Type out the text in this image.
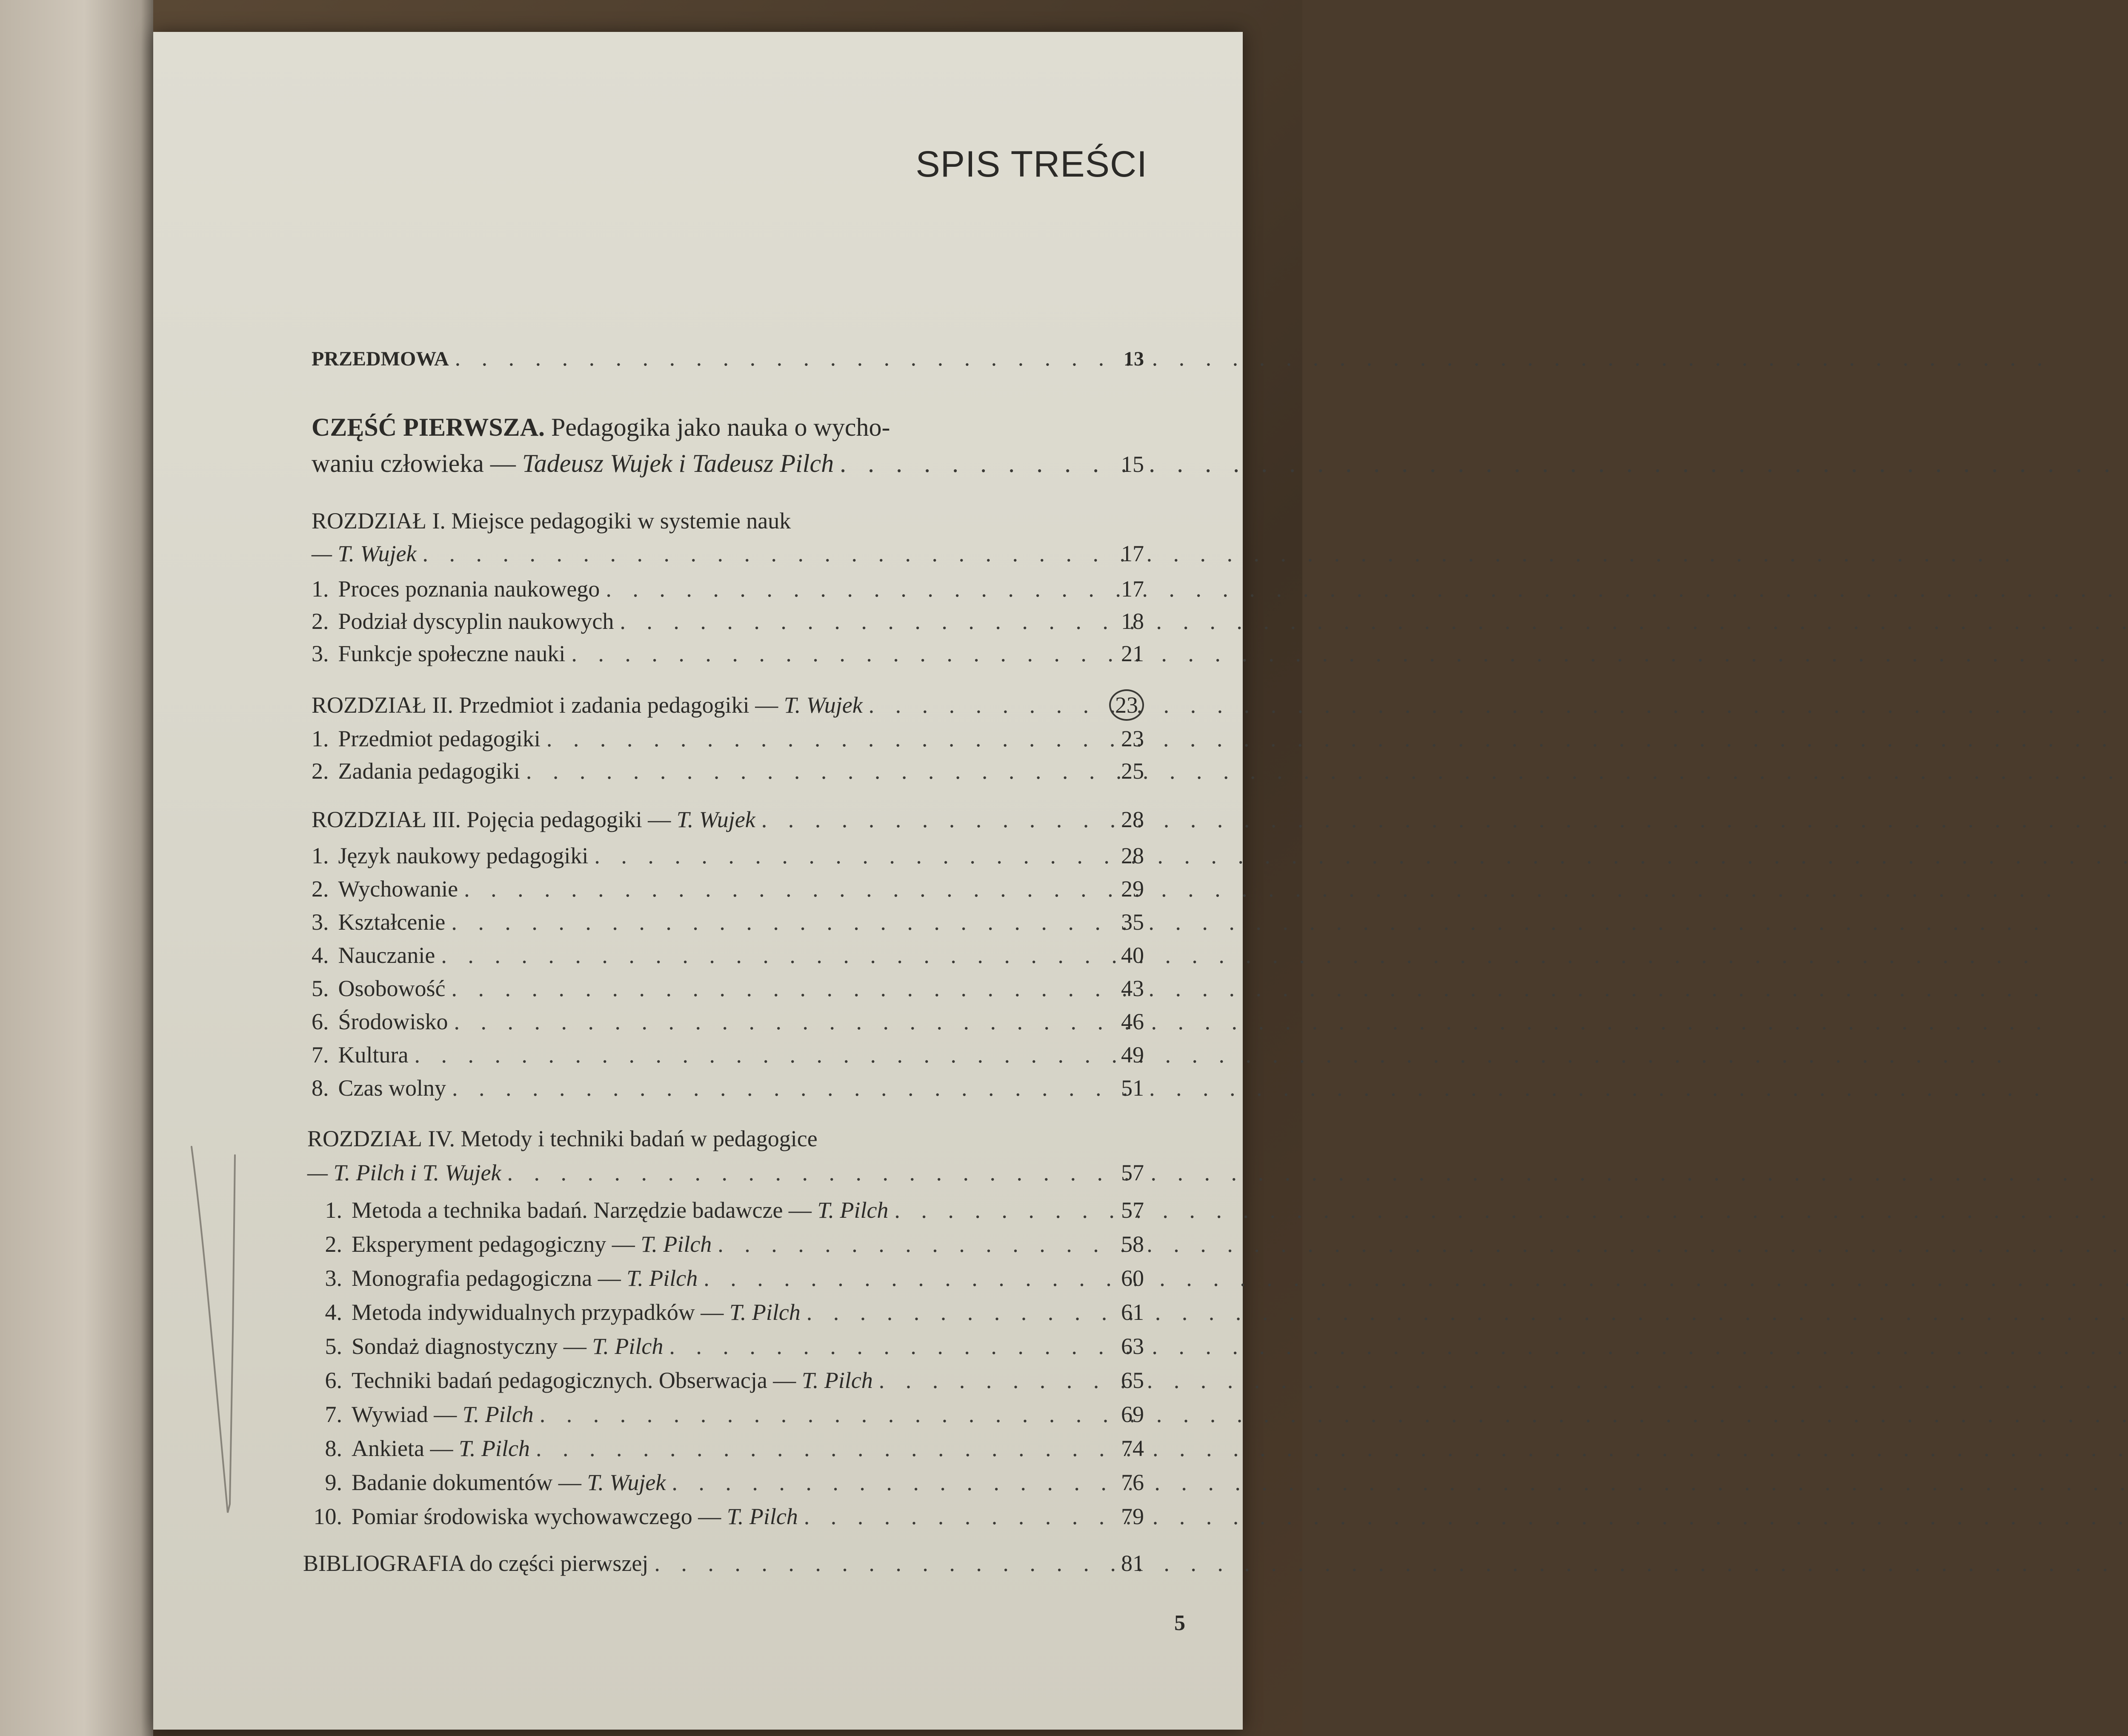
SPIS TREŚCI
PRZEDMOWA . . .	13
CZĘŚĆ PIERWSZA. Pedagogika jako nauka o wycho-
waniu człowieka — Tadeusz Wujek i Tadeusz Pilch . . .	15
ROZDZIAŁ I. Miejsce pedagogiki w systemie nauk
— T. Wujek . . .	17
1. Proces poznania naukowego . . .	17
2. Podział dyscyplin naukowych . . .	18
3. Funkcje społeczne nauki . . .	21
ROZDZIAŁ II. Przedmiot i zadania pedagogiki — T. Wujek . . .	23
1. Przedmiot pedagogiki . . .	23
2. Zadania pedagogiki . . .	25
ROZDZIAŁ III. Pojęcia pedagogiki — T. Wujek . . .	28
1. Język naukowy pedagogiki . . .	28
2. Wychowanie . . .	29
3. Kształcenie . . .	35
4. Nauczanie . . .	40
5. Osobowość . . .	43
6. Środowisko . . .	46
7. Kultura . . .	49
8. Czas wolny . . .	51
ROZDZIAŁ IV. Metody i techniki badań w pedagogice
— T. Pilch i T. Wujek . . .	57
1. Metoda a technika badań. Narzędzie badawcze — T. Pilch . . .	57
2. Eksperyment pedagogiczny — T. Pilch . . .	58
3. Monografia pedagogiczna — T. Pilch . . .	60
4. Metoda indywidualnych przypadków — T. Pilch . . .	61
5. Sondaż diagnostyczny — T. Pilch . . .	63
6. Techniki badań pedagogicznych. Obserwacja — T. Pilch . . .	65
7. Wywiad — T. Pilch . . .	69
8. Ankieta — T. Pilch . . .	74
9. Badanie dokumentów — T. Wujek . . .	76
10. Pomiar środowiska wychowawczego — T. Pilch . . .	79
BIBLIOGRAFIA do części pierwszej . . .	81
5
